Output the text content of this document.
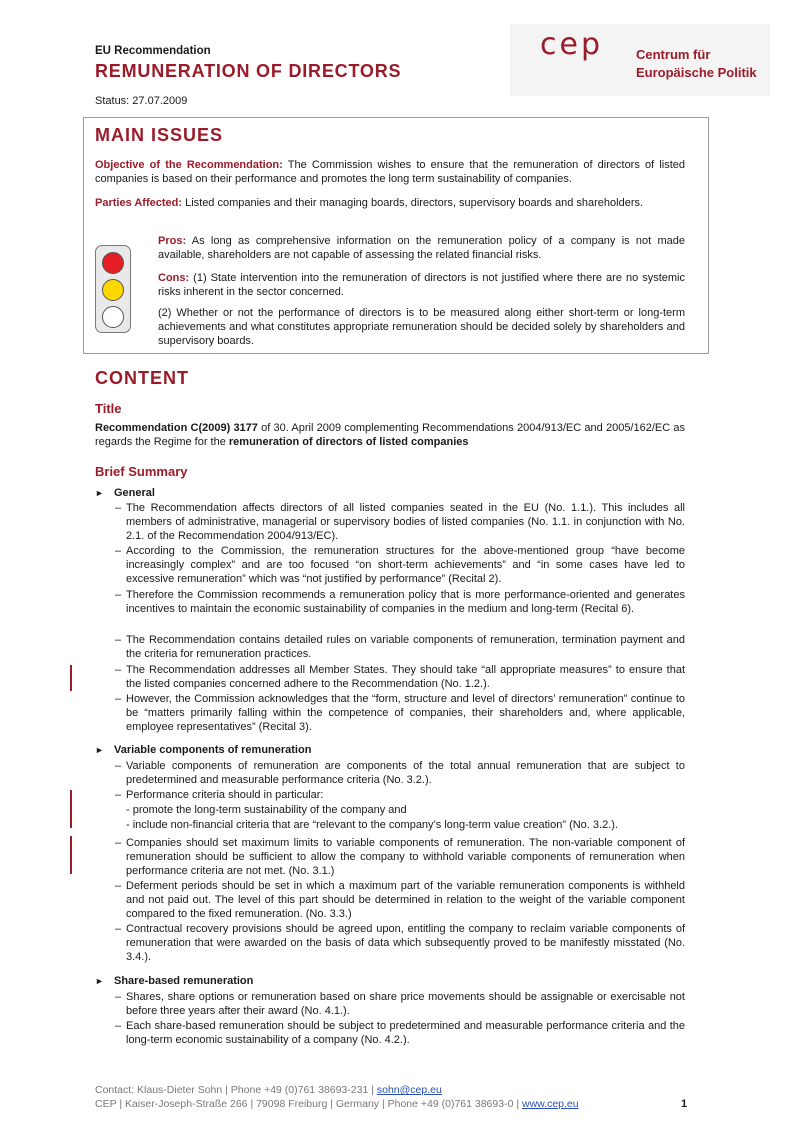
EU Recommendation
REMUNERATION OF DIRECTORS
Status: 27.07.2009
cep	Centrum für
Europäische Politik
MAIN ISSUES
Objective of the Recommendation: The Commission wishes to ensure that the remuneration of directors of listed companies is based on their performance and promotes the long term sustainability of companies.
Parties Affected: Listed companies and their managing boards, directors, supervisory boards and shareholders.
Pros: As long as comprehensive information on the remuneration policy of a company is not made available, shareholders are not capable of assessing the related financial risks.
Cons: (1) State intervention into the remuneration of directors is not justified where there are no systemic risks inherent in the sector concerned.
(2) Whether or not the performance of directors is to be measured along either short-term or long-term achievements and what constitutes appropriate remuneration should be decided solely by shareholders and supervisory boards.
CONTENT
Title
Recommendation C(2009) 3177 of 30. April 2009 complementing Recommendations 2004/913/EC and 2005/162/EC as regards the Regime for the remuneration of directors of listed companies
Brief Summary
► General
– The Recommendation affects directors of all listed companies seated in the EU (No. 1.1.). This includes all members of administrative, managerial or supervisory bodies of listed companies (No. 1.1. in conjunction with No. 2.1. of the Recommendation 2004/913/EC).
– According to the Commission, the remuneration structures for the above-mentioned group “have become increasingly complex” and are too focused “on short-term achievements” and “in some cases have led to excessive remuneration” which was “not justified by performance” (Recital 2).
– Therefore the Commission recommends a remuneration policy that is more performance-oriented and generates incentives to maintain the economic sustainability of companies in the medium and long-term (Recital 6).
– The Recommendation contains detailed rules on variable components of remuneration, termination payment and the criteria for remuneration practices.
– The Recommendation addresses all Member States. They should take “all appropriate measures” to ensure that the listed companies concerned adhere to the Recommendation (No. 1.2.).
– However, the Commission acknowledges that the “form, structure and level of directors’ remuneration” continue to be “matters primarily falling within the competence of companies, their shareholders and, where applicable, employee representatives” (Recital 3).
► Variable components of remuneration
– Variable components of remuneration are components of the total annual remuneration that are subject to predetermined and measurable performance criteria (No. 3.2.).
– Performance criteria should in particular:
- promote the long-term sustainability of the company and
- include non-financial criteria that are “relevant to the company’s long-term value creation” (No. 3.2.).
– Companies should set maximum limits to variable components of remuneration. The non-variable component of remuneration should be sufficient to allow the company to withhold variable components of remuneration when performance criteria are not met. (No. 3.1.)
– Deferment periods should be set in which a maximum part of the variable remuneration components is withheld and not paid out. The level of this part should be determined in relation to the weight of the variable component compared to the fixed remuneration. (No. 3.3.)
– Contractual recovery provisions should be agreed upon, entitling the company to reclaim variable components of remuneration that were awarded on the basis of data which subsequently proved to be manifestly misstated (No. 3.4.).
► Share-based remuneration
– Shares, share options or remuneration based on share price movements should be assignable or exercisable not before three years after their award (No. 4.1.).
– Each share-based remuneration should be subject to predetermined and measurable performance criteria and the long-term economic sustainability of a company (No. 4.2.).
Contact: Klaus-Dieter Sohn | Phone +49 (0)761 38693-231 | sohn@cep.eu
CEP | Kaiser-Joseph-Straße 266 | 79098 Freiburg | Germany | Phone +49 (0)761 38693-0 | www.cep.eu	1
